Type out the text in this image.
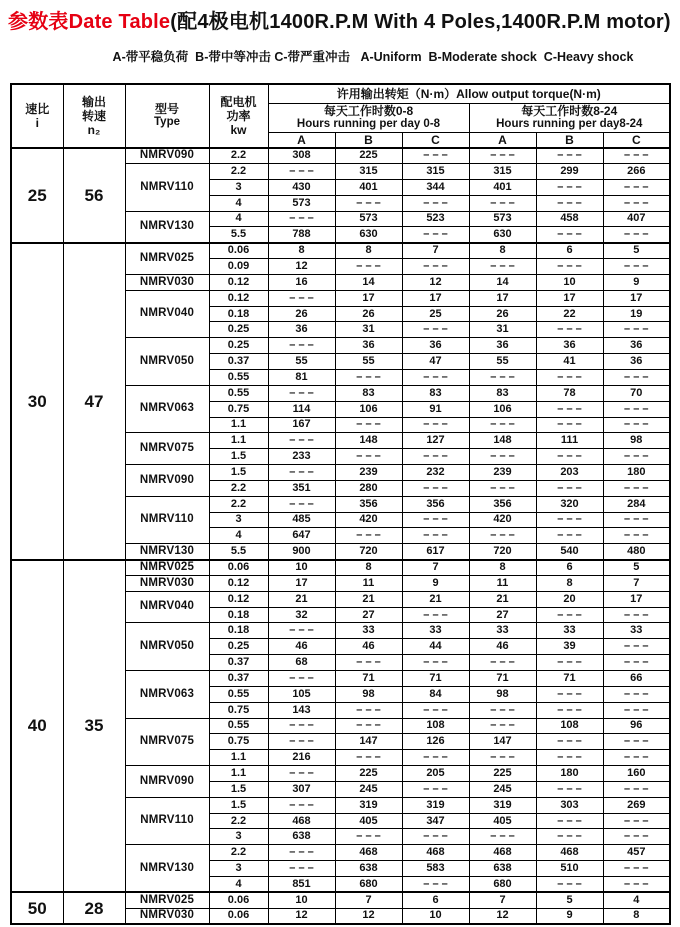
参数表Date Table(配4极电机1400R.P.M With 4 Poles,1400R.P.M motor)
A-带平稳负荷  B-带中等冲击 C-带严重冲击   A-Uniform  B-Moderate shock  C-Heavy shock
速比
i

输出
转速
n₂

型号
Type

配电机
功率
kw
	许用输出转矩（N·m）Allow output torque(N·m)

每天工作时数0-8
Hours running per day 0-8

每天工作时数8-24
Hours running per day8-24

				A	B	C	A	B	C
25	56	NMRV090	2.2	308	225	– – –	– – –	– – –	– – –
		NMRV110	2.2	– – –	315	315	315	299	266
			3	430	401	344	401	– – –	– – –
			4	573	– – –	– – –	– – –	– – –	– – –
		NMRV130	4	– – –	573	523	573	458	407
			5.5	788	630	– – –	630	– – –	– – –
30	47	NMRV025	0.06	8	8	7	8	6	5
			0.09	12	– – –	– – –	– – –	– – –	– – –
		NMRV030	0.12	16	14	12	14	10	9
		NMRV040	0.12	– – –	17	17	17	17	17
			0.18	26	26	25	26	22	19
			0.25	36	31	– – –	31	– – –	– – –
		NMRV050	0.25	– – –	36	36	36	36	36
			0.37	55	55	47	55	41	36
			0.55	81	– – –	– – –	– – –	– – –	– – –
		NMRV063	0.55	– – –	83	83	83	78	70
			0.75	114	106	91	106	– – –	– – –
			1.1	167	– – –	– – –	– – –	– – –	– – –
		NMRV075	1.1	– – –	148	127	148	111	98
			1.5	233	– – –	– – –	– – –	– – –	– – –
		NMRV090	1.5	– – –	239	232	239	203	180
			2.2	351	280	– – –	– – –	– – –	– – –
		NMRV110	2.2	– – –	356	356	356	320	284
			3	485	420	– – –	420	– – –	– – –
			4	647	– – –	– – –	– – –	– – –	– – –
		NMRV130	5.5	900	720	617	720	540	480
40	35	NMRV025	0.06	10	8	7	8	6	5
		NMRV030	0.12	17	11	9	11	8	7
		NMRV040	0.12	21	21	21	21	20	17
			0.18	32	27	– – –	27	– – –	– – –
		NMRV050	0.18	– – –	33	33	33	33	33
			0.25	46	46	44	46	39	– – –
			0.37	68	– – –	– – –	– – –	– – –	– – –
		NMRV063	0.37	– – –	71	71	71	71	66
			0.55	105	98	84	98	– – –	– – –
			0.75	143	– – –	– – –	– – –	– – –	– – –
		NMRV075	0.55	– – –	– – –	108	– – –	108	96
			0.75	– – –	147	126	147	– – –	– – –
			1.1	216	– – –	– – –	– – –	– – –	– – –
		NMRV090	1.1	– – –	225	205	225	180	160
			1.5	307	245	– – –	245	– – –	– – –
		NMRV110	1.5	– – –	319	319	319	303	269
			2.2	468	405	347	405	– – –	– – –
			3	638	– – –	– – –	– – –	– – –	– – –
		NMRV130	2.2	– – –	468	468	468	468	457
			3	– – –	638	583	638	510	– – –
			4	851	680	– – –	680	– – –	– – –
50	28	NMRV025	0.06	10	7	6	7	5	4
		NMRV030	0.06	12	12	10	12	9	8
